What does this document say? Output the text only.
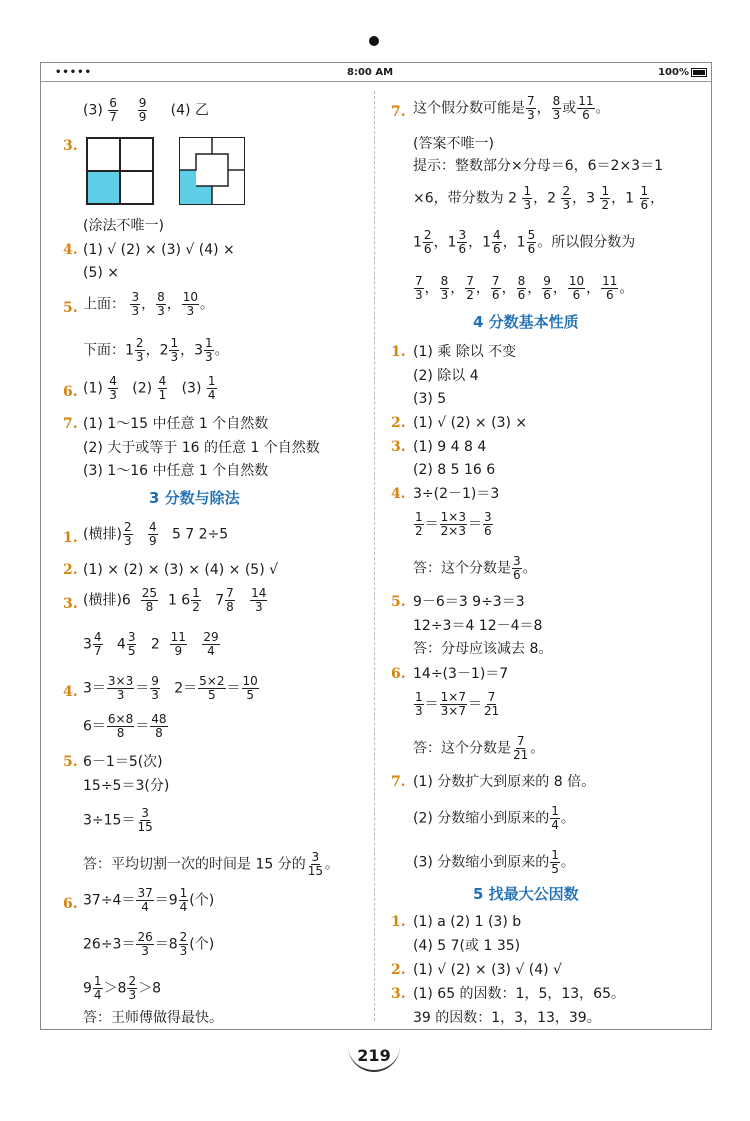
•••••	8:00 AM	100%
$(3) \frac{6}{7}$
$\frac{9}{9} (4)$ 乙
3.
(涂法不唯一)
4. (1) √ (2) × (3) √ (4) ×
(5) ×
5. 上面： $\frac{3}{3}$ ， $\frac{8}{3}$ ， $\frac{10}{3}$ 。
下面：$1 \frac{2}{3}$ ，$2 \frac{1}{3}$ ，$3 \frac{1}{3}$ 。
6. $(1) \frac{4}{3} (2) \frac{4}{1} (3) \frac{1}{4}$
7. (1) 1～15 中任意 1 个自然数
(2) 大于或等于 16 的任意 1 个自然数
(3) 1～16 中任意 1 个自然数
3 分数与除法
1. (横排) $\frac{2}{3}$
$\frac{4}{9} 5$ 7 2÷5
2. (1) × (2) × (3) × (4) × (5) √
3. (横排)$6 \frac{25}{8} 1$ $6 \frac{1}{2} 7 \frac{7}{8}$
$\frac{14}{3}$
$3 \frac{4}{7} 4 \frac{3}{5} 2 \frac{11}{9}$
$\frac{29}{4}$
4. $3= \frac{3\times 3}{3} = \frac{9}{3} 2= \frac{5\times 2}{5} = \frac{10}{5}$
$6= \frac{6\times 8}{8} = \frac{48}{8}$
5. 6－1＝5(次)
15÷5＝3(分)
$3\div 15= \frac{3}{15}$
答：平均切割一次的时间是 15 分的 $\frac{3}{15}$ 。
6. $37\div 4= \frac{37}{4} =9 \frac{1}{4}$ (个)
$26\div 3= \frac{26}{3} =8 \frac{2}{3}$ (个)
$9 \frac{1}{4} >8 \frac{2}{3} >8$
答：王师傅做得最快。
7. 这个假分数可能是 $\frac{7}{3}$ ， $\frac{8}{3}$ 或 $\frac{11}{6}$ 。
(答案不唯一)
提示：整数部分×分母＝6，6＝2×3＝1
×6，带分数为 $2 \frac{1}{3}$ ，$2 \frac{2}{3}$ ，$3 \frac{1}{2}$ ，$1 \frac{1}{6}$ ，
$1 \frac{2}{6}$ ，$1 \frac{3}{6}$ ，$1 \frac{4}{6}$ ，$1 \frac{5}{6}$ 。所以假分数为
$\frac{7}{3}$ ， $\frac{8}{3}$ ， $\frac{7}{2}$ ， $\frac{7}{6}$ ， $\frac{8}{6}$ ， $\frac{9}{6}$ ， $\frac{10}{6}$ ， $\frac{11}{6}$ 。
4 分数基本性质
1. (1) 乘 除以 不变
(2) 除以 4
(3) 5
2. (1) √ (2) × (3) ×
3. (1) 9 4 8 4
(2) 8 5 16 6
4. 3÷(2－1)＝3
$\frac{1}{2} = \frac{1\times 3}{2\times 3} = \frac{3}{6}$
答：这个分数是 $\frac{3}{6}$ 。
5. 9－6＝3 9÷3＝3
12÷3＝4 12－4＝8
答：分母应该减去 8。
6. 14÷(3－1)＝7
$\frac{1}{3} = \frac{1\times 7}{3\times 7} = \frac{7}{21}$
答：这个分数是 $\frac{7}{21}$ 。
7. (1) 分数扩大到原来的 8 倍。
(2) 分数缩小到原来的 $\frac{1}{4}$ 。
(3) 分数缩小到原来的 $\frac{1}{5}$ 。
5 找最大公因数
1. (1) a (2) 1 (3) b
(4) 5 7(或 1 35)
2. (1) √ (2) × (3) √ (4) √
3. (1) 65 的因数：1，5，13，65。
39 的因数：1，3，13，39。
219
